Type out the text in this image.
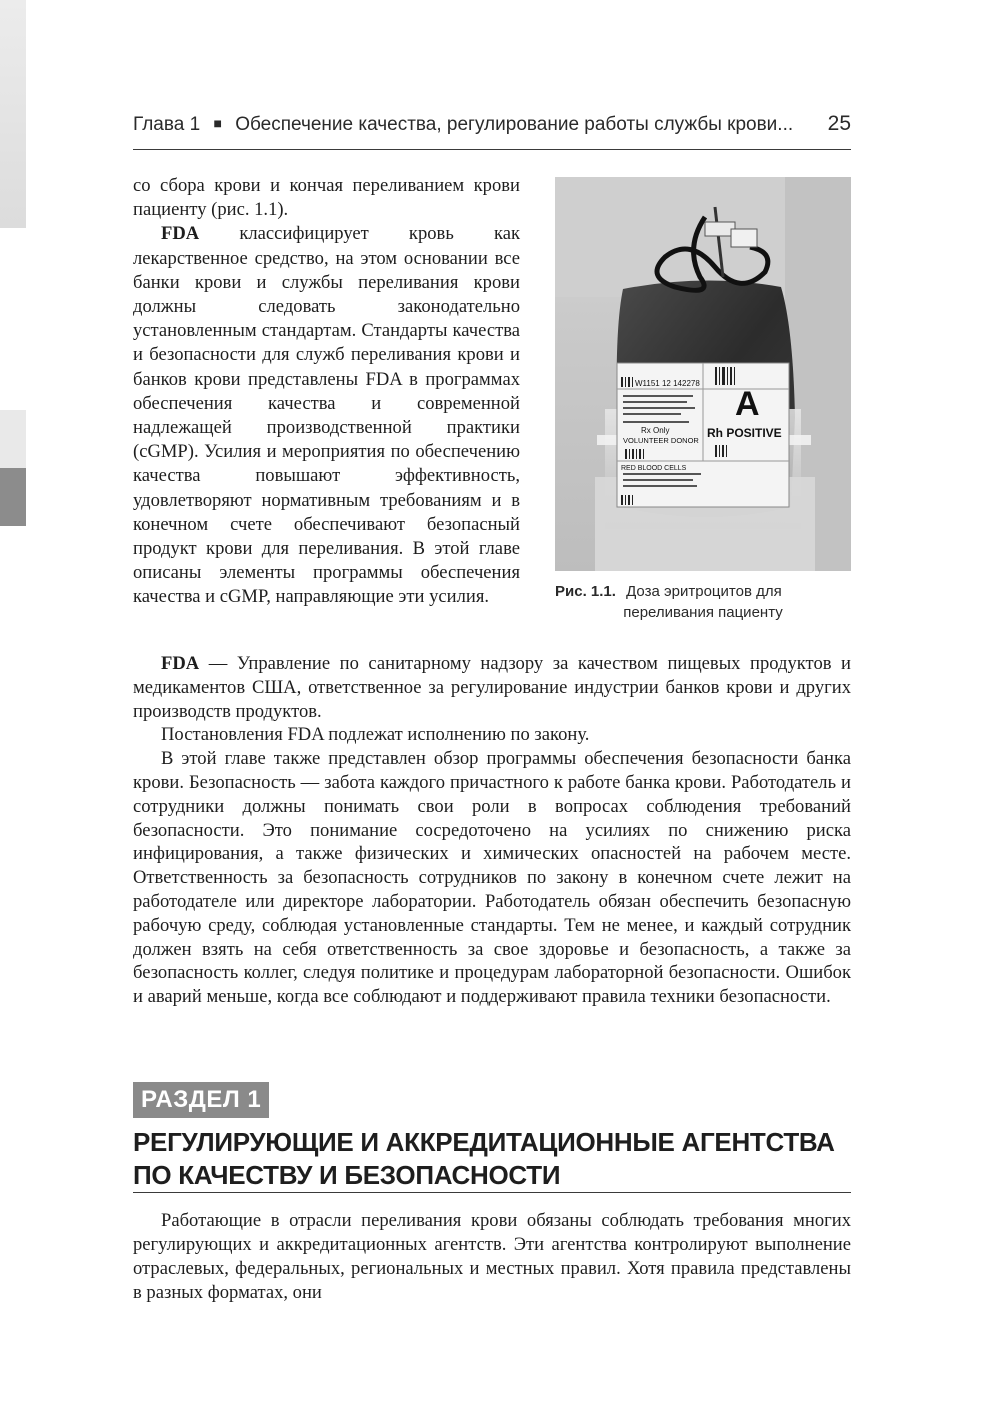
Глава 1 ■ Обеспечение качества, регулирование работы службы крови... 25

со сбора крови и кончая переливанием крови пациенту (рис. 1.1).

FDA классифицирует кровь как лекарственное средство, на этом основании все банки крови и службы переливания крови должны следовать законодательно установленным стандартам. Стандарты качества и безопасности для служб переливания крови и банков крови представлены FDA в программах обеспечения качества и современной надлежащей производственной практики (cGMP). Усилия и мероприятия по обеспечению качества повышают эффективность, удовлетворяют нормативным требованиям и в конечном счете обеспечивают безопасный продукт крови для переливания. В этой главе описаны элементы программы обеспечения качества и cGMP, направляющие эти усилия.

W1151 12 142278
A
Rh POSITIVE
Rx Only
VOLUNTEER DONOR
RED BLOOD CELLS
Рис. 1.1. Доза эритроцитов для
переливания пациенту

FDA — Управление по санитарному надзору за качеством пищевых продуктов и медикаментов США, ответственное за регулирование индустрии банков крови и других производств продуктов.

Постановления FDA подлежат исполнению по закону.

В этой главе также представлен обзор программы обеспечения безопасности банка крови. Безопасность — забота каждого причастного к работе банка крови. Работодатель и сотрудники должны понимать свои роли в вопросах соблюдения требований безопасности. Это понимание сосредоточено на усилиях по снижению риска инфицирования, а также физических и химических опасностей на рабочем месте. Ответственность за безопасность сотрудников по закону в конечном счете лежит на работодателе или директоре лаборатории. Работодатель обязан обеспечить безопасную рабочую среду, соблюдая установленные стандарты. Тем не менее, и каждый сотрудник должен взять на себя ответственность за свое здоровье и безопасность, а также за безопасность коллег, следуя политике и процедурам лабораторной безопасности. Ошибок и аварий меньше, когда все соблюдают и поддерживают правила техники безопасности.

РАЗДЕЛ 1
РЕГУЛИРУЮЩИЕ И АККРЕДИТАЦИОННЫЕ АГЕНТСТВА
ПО КАЧЕСТВУ И БЕЗОПАСНОСТИ

Работающие в отрасли переливания крови обязаны соблюдать требования многих регулирующих и аккредитационных агентств. Эти агентства контролируют выполнение отраслевых, федеральных, региональных и местных правил. Хотя правила представлены в разных форматах, они
